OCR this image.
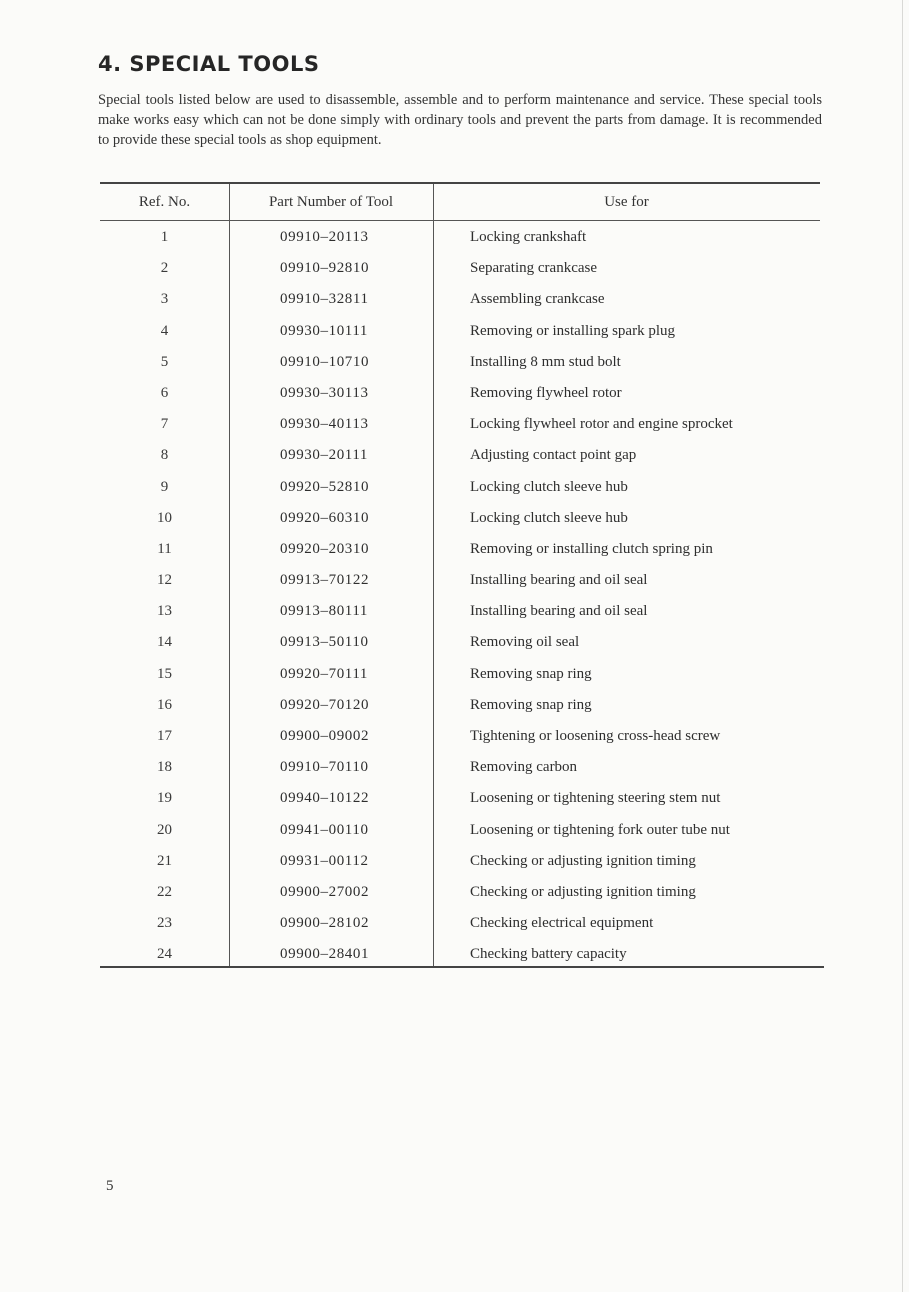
4. SPECIAL TOOLS

Special tools listed below are used to disassemble, assemble and to perform maintenance and service. These special tools make works easy which can not be done simply with ordinary tools and prevent the parts from damage. It is recommended to provide these special tools as shop equipment.

Ref. No.	Part Number of Tool	Use for
1	09910–20113	Locking crankshaft
2	09910–92810	Separating crankcase
3	09910–32811	Assembling crankcase
4	09930–10111	Removing or installing spark plug
5	09910–10710	Installing 8 mm stud bolt
6	09930–30113	Removing flywheel rotor
7	09930–40113	Locking flywheel rotor and engine sprocket
8	09930–20111	Adjusting contact point gap
9	09920–52810	Locking clutch sleeve hub
10	09920–60310	Locking clutch sleeve hub
11	09920–20310	Removing or installing clutch spring pin
12	09913–70122	Installing bearing and oil seal
13	09913–80111	Installing bearing and oil seal
14	09913–50110	Removing oil seal
15	09920–70111	Removing snap ring
16	09920–70120	Removing snap ring
17	09900–09002	Tightening or loosening cross-head screw
18	09910–70110	Removing carbon
19	09940–10122	Loosening or tightening steering stem nut
20	09941–00110	Loosening or tightening fork outer tube nut
21	09931–00112	Checking or adjusting ignition timing
22	09900–27002	Checking or adjusting ignition timing
23	09900–28102	Checking electrical equipment
24	09900–28401	Checking battery capacity
5
